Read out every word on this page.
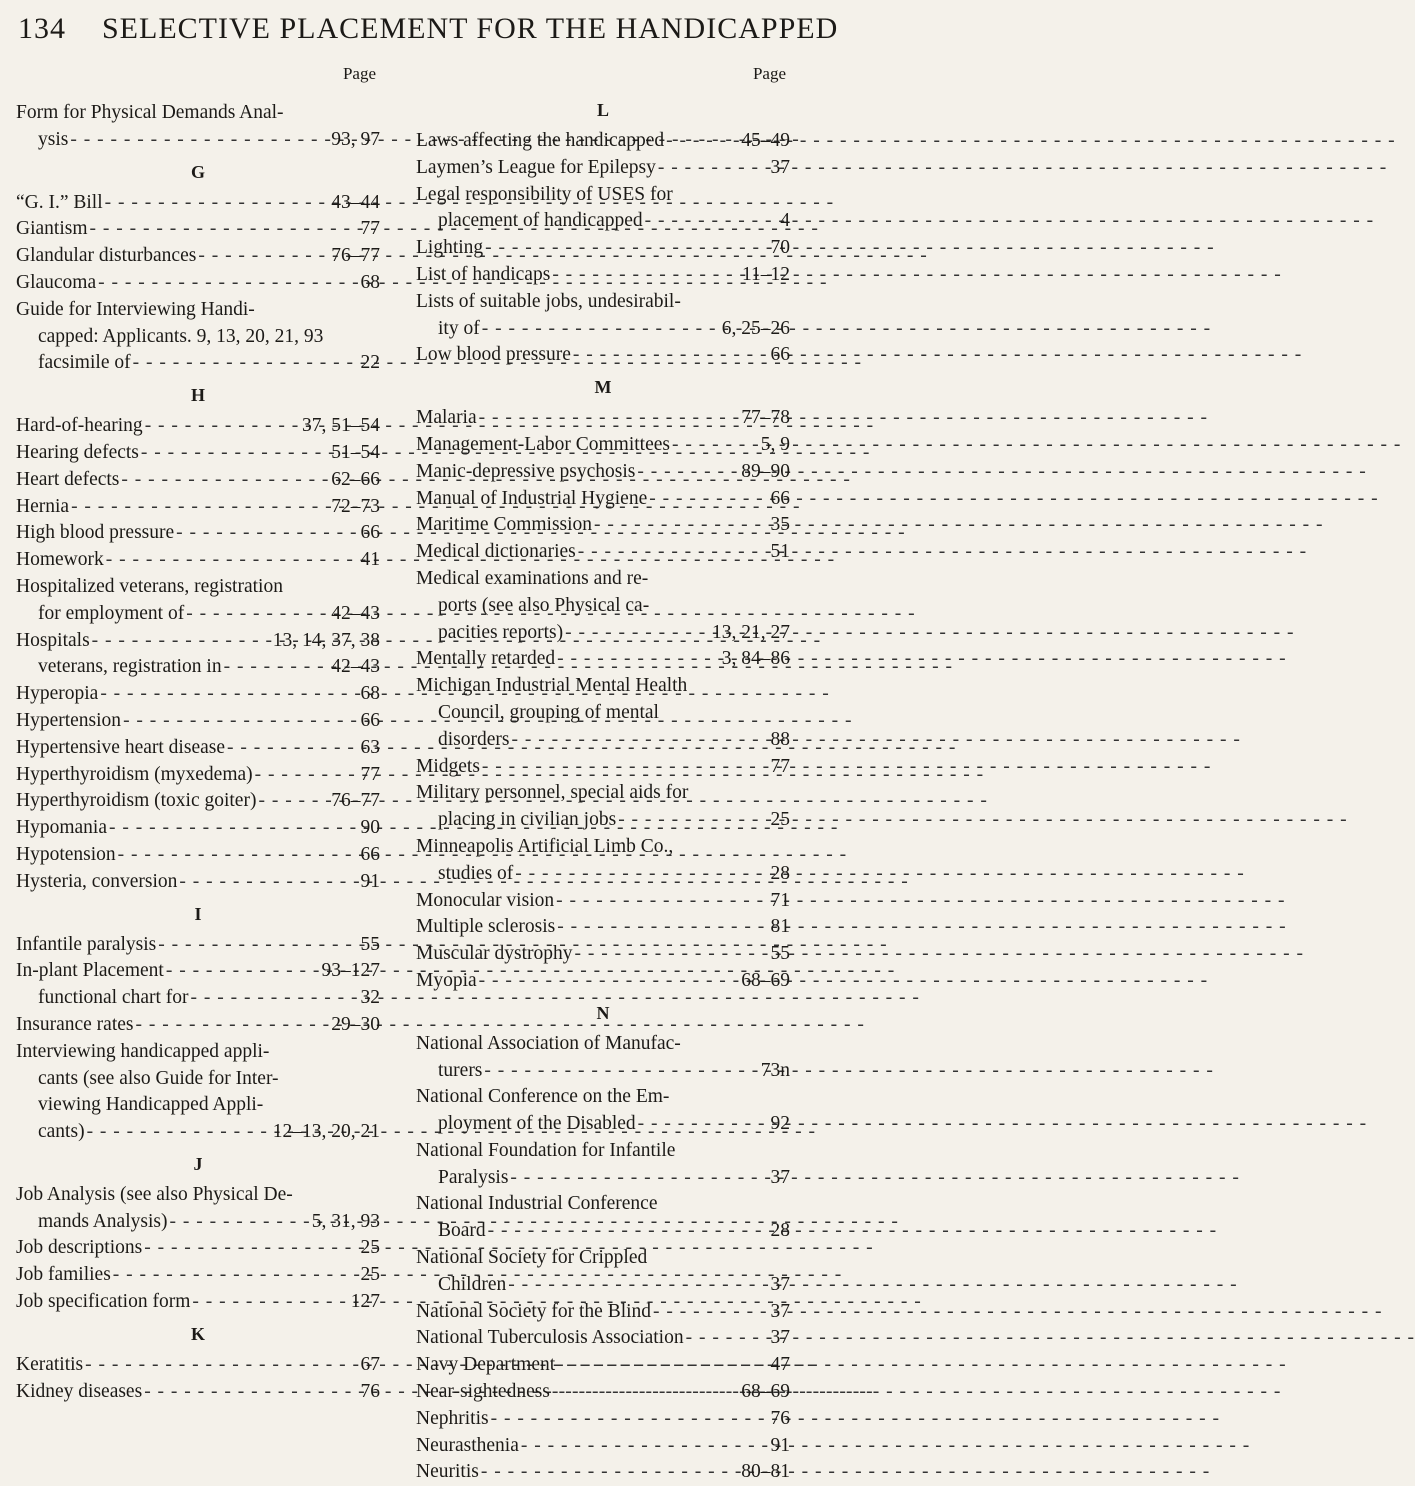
134 SELECTIVE PLACEMENT FOR THE HANDICAPPED
Page
Form for Physical Demands Anal-
ysis - - -	93, 97
G
“G. I.” Bill - - -	43–44
Giantism - - -	77
Glandular disturbances - - -	76–77
Glaucoma - - -	68
Guide for Interviewing Handi-
capped: Applicants. 9, 13, 20, 21, 93
facsimile of - - -	22
H
Hard-of-hearing - - -	37, 51–54
Hearing defects - - -	51–54
Heart defects - - -	62–66
Hernia - - -	72–73
High blood pressure - - -	66
Homework - - -	41
Hospitalized veterans, registration
for employment of - - -	42–43
Hospitals - - -	13, 14, 37, 38
veterans, registration in - - -	42–43
Hyperopia - - -	68
Hypertension - - -	66
Hypertensive heart disease - - -	63
Hyperthyroidism (myxedema) - - -	77
Hyperthyroidism (toxic goiter) - - -	76–77
Hypomania - - -	90
Hypotension - - -	66
Hysteria, conversion - - -	91
I
Infantile paralysis - - -	55
In-plant Placement - - -	93–127
functional chart for - - -	32
Insurance rates - - -	29–30
Interviewing handicapped appli-
cants (see also Guide for Inter-
viewing Handicapped Appli-
cants) - - -	12–13, 20, 21
J
Job Analysis (see also Physical De-
mands Analysis) - - -	5, 31, 93
Job descriptions - - -	25
Job families - - -	25
Job specification form - - -	127
K
Keratitis - - -	67
Kidney diseases - - -	76
Page
L
Laws affecting the handicapped - - -	45–49
Laymen’s League for Epilepsy - - -	37
Legal responsibility of USES for
placement of handicapped - - -	4
Lighting - - -	70
List of handicaps - - -	11–12
Lists of suitable jobs, undesirabil-
ity of - - -	6, 25–26
Low blood pressure - - -	66
M
Malaria - - -	77–78
Management-Labor Committees - - -	5, 9
Manic-depressive psychosis - - -	89–90
Manual of Industrial Hygiene - - -	66
Maritime Commission - - -	35
Medical dictionaries - - -	51
Medical examinations and re-
ports (see also Physical ca-
pacities reports) - - -	13, 21, 27
Mentally retarded - - -	3, 84–86
Michigan Industrial Mental Health
Council, grouping of mental
disorders - - -	88
Midgets - - -	77
Military personnel, special aids for
placing in civilian jobs - - -	25
Minneapolis Artificial Limb Co.,
studies of - - -	28
Monocular vision - - -	71
Multiple sclerosis - - -	81
Muscular dystrophy - - -	55
Myopia - - -	68–69
N
National Association of Manufac-
turers - - -	73n
National Conference on the Em-
ployment of the Disabled - - -	92
National Foundation for Infantile
Paralysis - - -	37
National Industrial Conference
Board - - -	28
National Society for Crippled
Children - - -	37
National Society for the Blind - - -	37
National Tuberculosis Association - - -	37
Navy Department - - -	47
Near-sightedness - - -	68–69
Nephritis - - -	76
Neurasthenia - - -	91
Neuritis - - -	80–81
